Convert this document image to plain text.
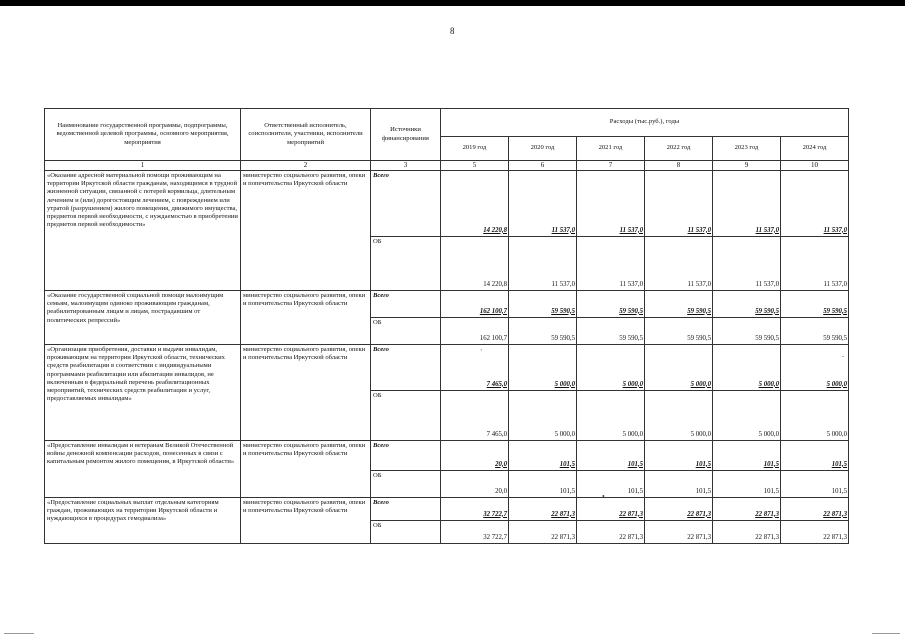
8
Наименование государственной программы, подпрограммы, ведомственной целевой программы, основного мероприятия, мероприятия	Ответственный исполнитель, соисполнители, участники, исполнители мероприятий	Источники финансирования	Расходы (тыс.руб.), годы					
			2019 год	2020 год	2021 год	2022 год	2023 год	2024 год
1	2	3	5	6	7	8	9	10
«Оказание адресной материальной помощи проживающим на территории Иркутской области гражданам, находящимся в трудной жизненной ситуации, связанной с потерей кормильца, длительным лечением и (или) дорогостоящим лечением, с повреждением или утратой (разрушением) жилого помещения, движимого имущества, предметов первой необходимости, с нуждаемостью в приобретении предметов первой необходимости»	министерство социального развития, опеки и попечительства Иркутской области	Всего	14 220,8	11 537,0	11 537,0	11 537,0	11 537,0	11 537,0
		ОБ	14 220,8	11 537,0	11 537,0	11 537,0	11 537,0	11 537,0
«Оказание государственной социальной помощи малоимущим семьям, малоимущим одиноко проживающим гражданам, реабилитированным лицам и лицам, пострадавшим от политических репрессий»	министерство социального развития, опеки и попечительства Иркутской области	Всего	162 100,7	59 590,5	59 590,5	59 590,5	59 590,5	59 590,5
		ОБ	162 100,7	59 590,5	59 590,5	59 590,5	59 590,5	59 590,5
«Организация приобретения, доставки и выдачи инвалидам, проживающим на территории Иркутской области, технических средств реабилитации в соответствии с индивидуальными программами реабилитации или абилитации инвалидов, не включенным в федеральный перечень реабилитационных мероприятий, технических средств реабилитации и услуг, предоставляемых инвалидам»	министерство социального развития, опеки и попечительства Иркутской области	Всего	7 465,0	5 000,0	5 000,0	5 000,0	5 000,0	5 000,0
		ОБ	7 465,0	5 000,0	5 000,0	5 000,0	5 000,0	5 000,0
«Предоставление инвалидам и ветеранам Великой Отечественной войны денежной компенсации расходов, понесенных в связи с капитальным ремонтом жилого помещения, в Иркутской области»	министерство социального развития, опеки и попечительства Иркутской области	Всего	20,0	101,5	101,5	101,5	101,5	101,5
		ОБ	20,0	101,5	101,5	101,5	101,5	101,5
«Предоставление социальных выплат отдельным категориям граждан, проживающих на территории Иркутской области и нуждающихся в процедурах гемодиализа»	министерство социального развития, опеки и попечительства Иркутской области	Всего	32 722,7	22 871,3	22 871,3	22 871,3	22 871,3	22 871,3
		ОБ	32 722,7	22 871,3	22 871,3	22 871,3	22 871,3	22 871,3
`	.
•
